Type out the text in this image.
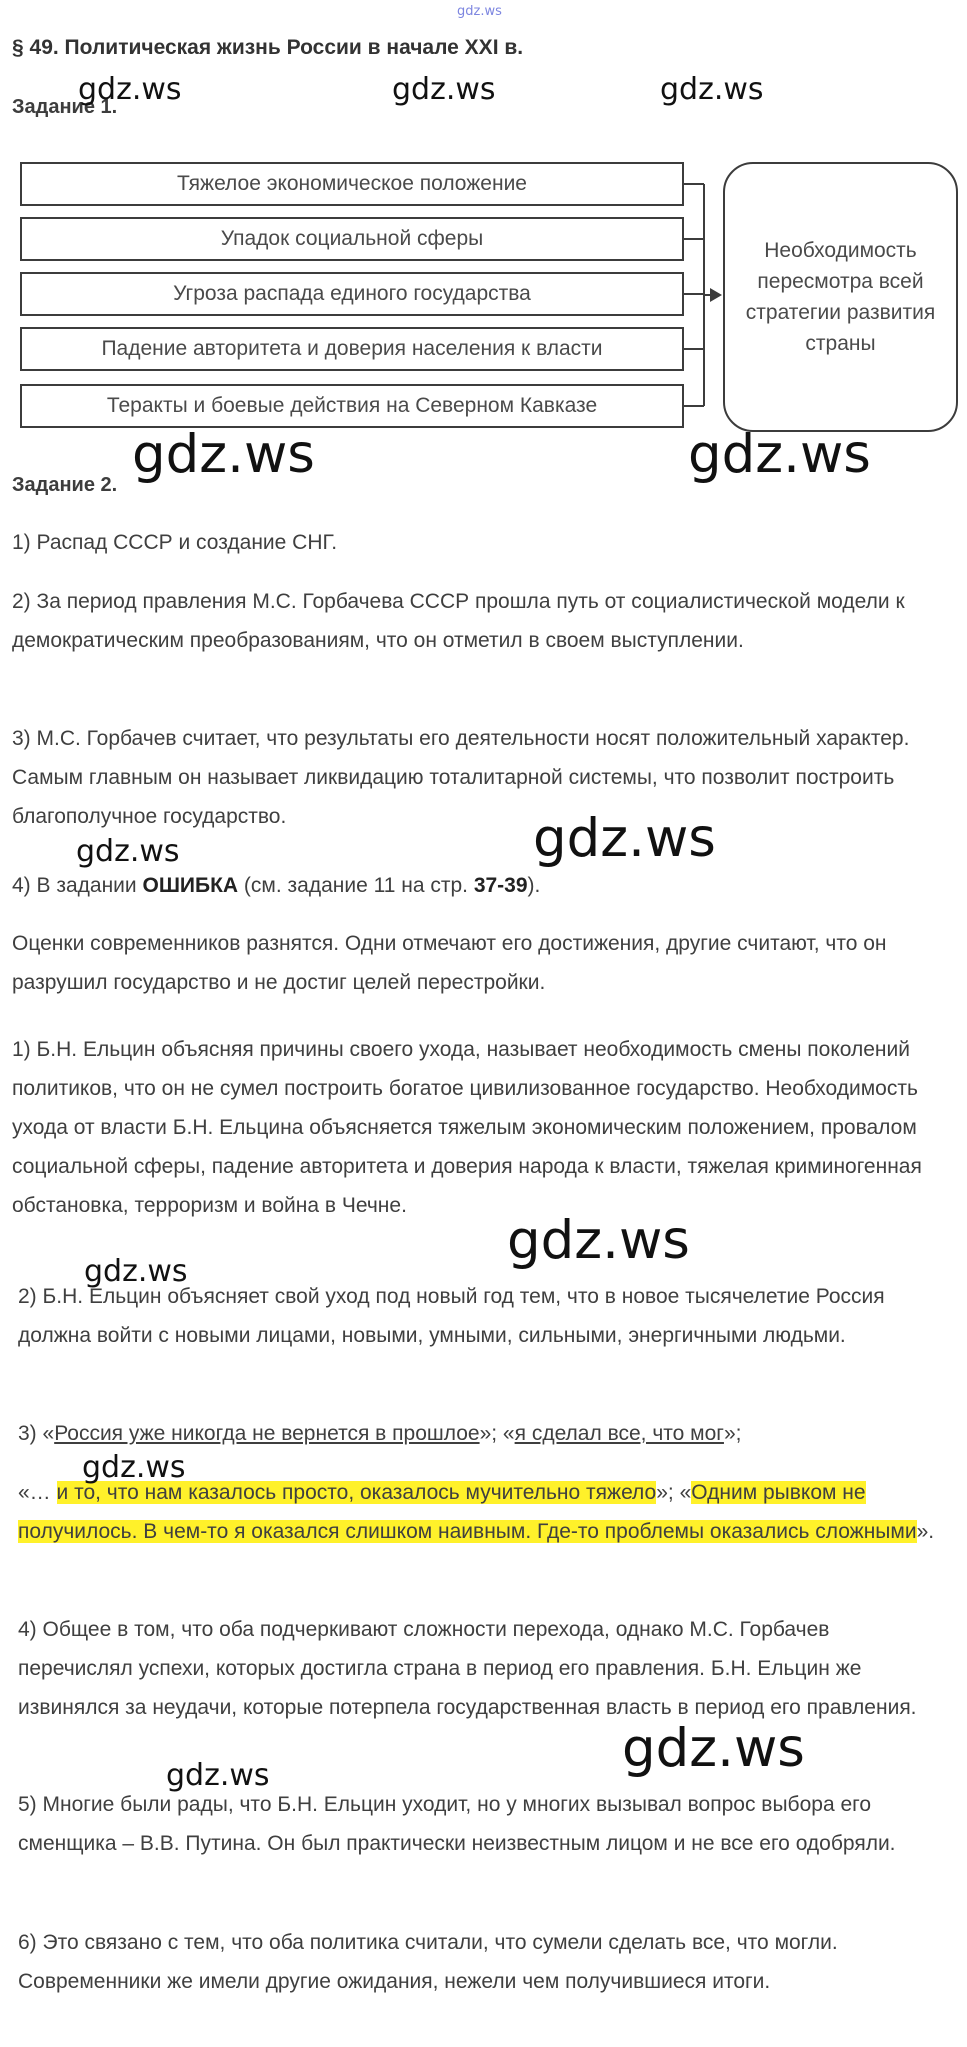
gdz.ws
§ 49. Политическая жизнь России в начале XXI в.
Задание 1.
Тяжелое экономическое положение
Упадок социальной сферы
Угроза распада единого государства
Падение авторитета и доверия населения к власти
Теракты и боевые действия на Северном Кавказе
Необходимость пересмотра всей стратегии развития страны
Задание 2.
1) Распад СССР и создание СНГ.
2) За период правления М.С. Горбачева СССР прошла путь от социалистической модели к демократическим преобразованиям, что он отметил в своем выступлении.
3) М.С. Горбачев считает, что результаты его деятельности носят положительный характер. Самым главным он называет ликвидацию тоталитарной системы, что позволит построить благополучное государство.
4) В задании ОШИБКА (см. задание 11 на стр. 37-39).
Оценки современников разнятся. Одни отмечают его достижения, другие считают, что он разрушил государство и не достиг целей перестройки.
1) Б.Н. Ельцин объясняя причины своего ухода, называет необходимость смены поколений политиков, что он не сумел построить богатое цивилизованное государство. Необходимость ухода от власти Б.Н. Ельцина объясняется тяжелым экономическим положением, провалом социальной сферы, падение авторитета и доверия народа к власти, тяжелая криминогенная обстановка, терроризм и война в Чечне.
2) Б.Н. Ельцин объясняет свой уход под новый год тем, что в новое тысячелетие Россия должна войти с новыми лицами, новыми, умными, сильными, энергичными людьми.
3) «Россия уже никогда не вернется в прошлое»; «я сделал все, что мог»;
«… и то, что нам казалось просто, оказалось мучительно тяжело»; «Одним рывком не получилось. В чем-то я оказался слишком наивным. Где-то проблемы оказались сложными».
4) Общее в том, что оба подчеркивают сложности перехода, однако М.С. Горбачев перечислял успехи, которых достигла страна в период его правления. Б.Н. Ельцин же извинялся за неудачи, которые потерпела государственная власть в период его правления.
5) Многие были рады, что Б.Н. Ельцин уходит, но у многих вызывал вопрос выбора его сменщика – В.В. Путина. Он был практически неизвестным лицом и не все его одобряли.
6) Это связано с тем, что оба политика считали, что сумели сделать все, что могли. Современники же имели другие ожидания, нежели чем получившиеся итоги.
gdz.ws	gdz.ws	gdz.ws
gdz.ws	gdz.ws
gdz.ws	gdz.ws
gdz.ws
gdz.ws
gdz.ws
gdz.ws
gdz.ws
